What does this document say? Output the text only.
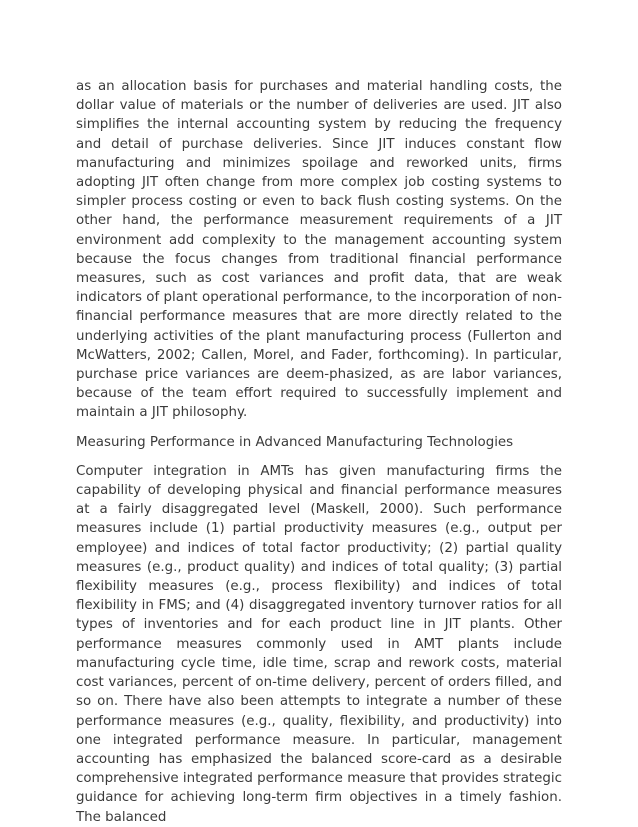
as an allocation basis for purchases and material handling costs, the dollar value of materials or the number of deliveries are used. JIT also simplifies the internal accounting system by reducing the frequency and detail of purchase deliveries. Since JIT induces constant flow manufacturing and minimizes spoilage and reworked units, firms adopting JIT often change from more complex job costing systems to simpler process costing or even to back flush costing systems. On the other hand, the performance measurement requirements of a JIT environment add complexity to the management accounting system because the focus changes from traditional financial performance measures, such as cost variances and profit data, that are weak indicators of plant operational performance, to the incorporation of non-financial performance measures that are more directly related to the underlying activities of the plant manufacturing process (Fullerton and McWatters, 2002; Callen, Morel, and Fader, forthcoming). In particular, purchase price variances are deem-phasized, as are labor variances, because of the team effort required to successfully implement and maintain a JIT philosophy.

Measuring Performance in Advanced Manufacturing Technologies

Computer integration in AMTs has given manufacturing firms the capability of developing physical and financial performance measures at a fairly disaggregated level (Maskell, 2000). Such performance measures include (1) partial productivity measures (e.g., output per employee) and indices of total factor productivity; (2) partial quality measures (e.g., product quality) and indices of total quality; (3) partial flexibility measures (e.g., process flexibility) and indices of total flexibility in FMS; and (4) disaggregated inventory turnover ratios for all types of inventories and for each product line in JIT plants. Other performance measures commonly used in AMT plants include manufacturing cycle time, idle time, scrap and rework costs, material cost variances, percent of on-time delivery, percent of orders filled, and so on. There have also been attempts to integrate a number of these performance measures (e.g., quality, flexibility, and productivity) into one integrated performance measure. In particular, management accounting has emphasized the balanced score-card as a desirable comprehensive integrated performance measure that provides strategic guidance for achieving long-term firm objectives in a timely fashion. The balanced
